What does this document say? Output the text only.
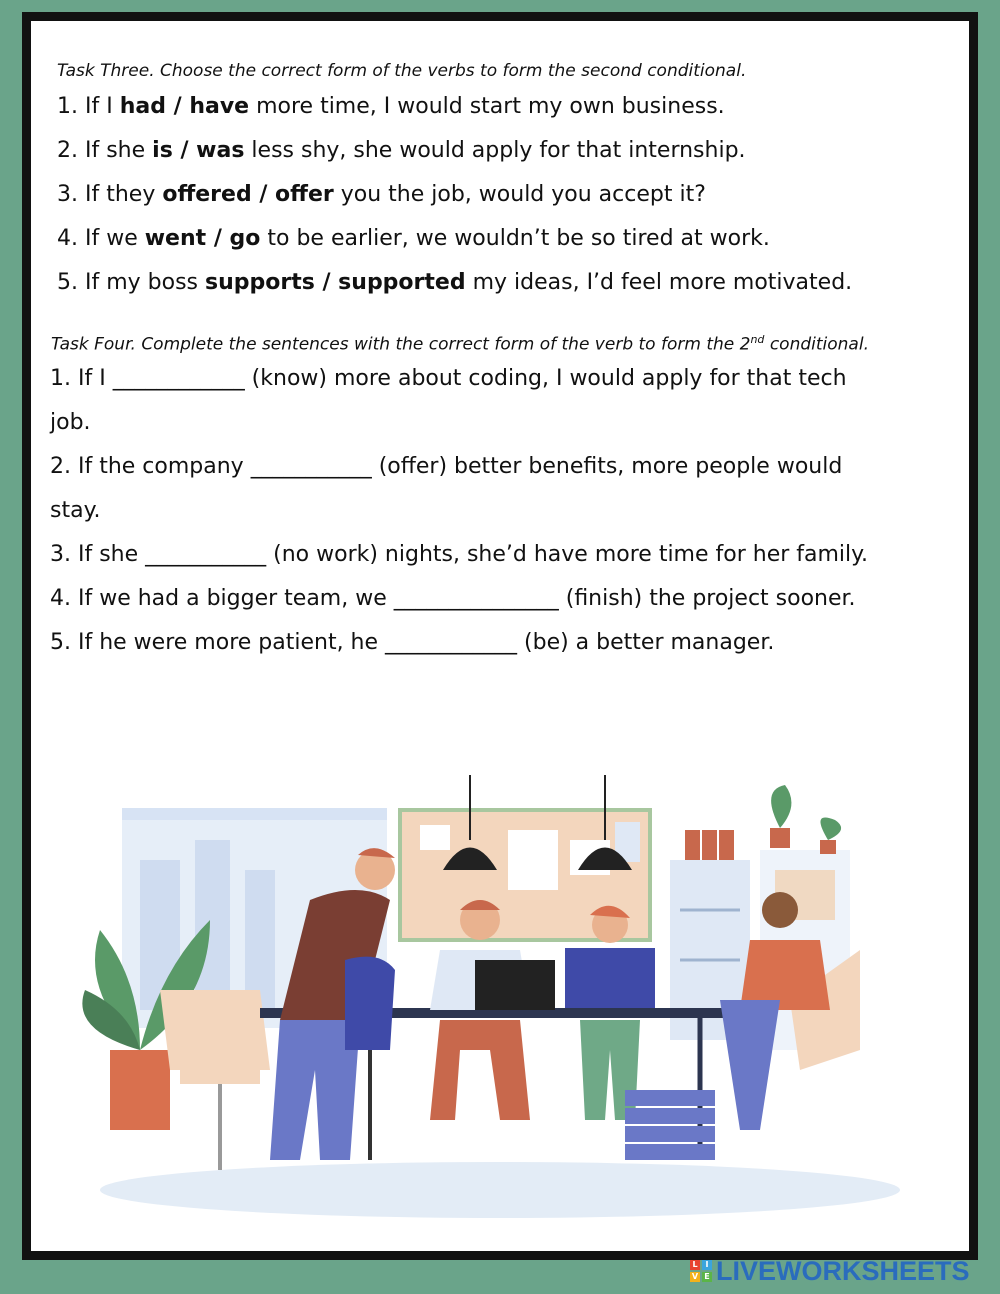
Task Three. Choose the correct form of the verbs to form the second conditional.
1. If I had / have more time, I would start my own business.
2. If she is / was less shy, she would apply for that internship.
3. If they offered / offer you the job, would you accept it?
4. If we went / go to be earlier, we wouldn’t be so tired at work.
5. If my boss supports / supported my ideas, I’d feel more motivated.
Task Four. Complete the sentences with the correct form of the verb to form the 2nd conditional.
1. If I ____________ (know) more about coding, I would apply for that tech
job.
2. If the company ___________ (offer) better benefits, more people would
stay.
3. If she ___________ (no work) nights, she’d have more time for her family.
4. If we had a bigger team, we _______________ (finish) the project sooner.
5. If he were more patient, he ____________ (be) a better manager.
L I
V E LIVEWORKSHEETS
